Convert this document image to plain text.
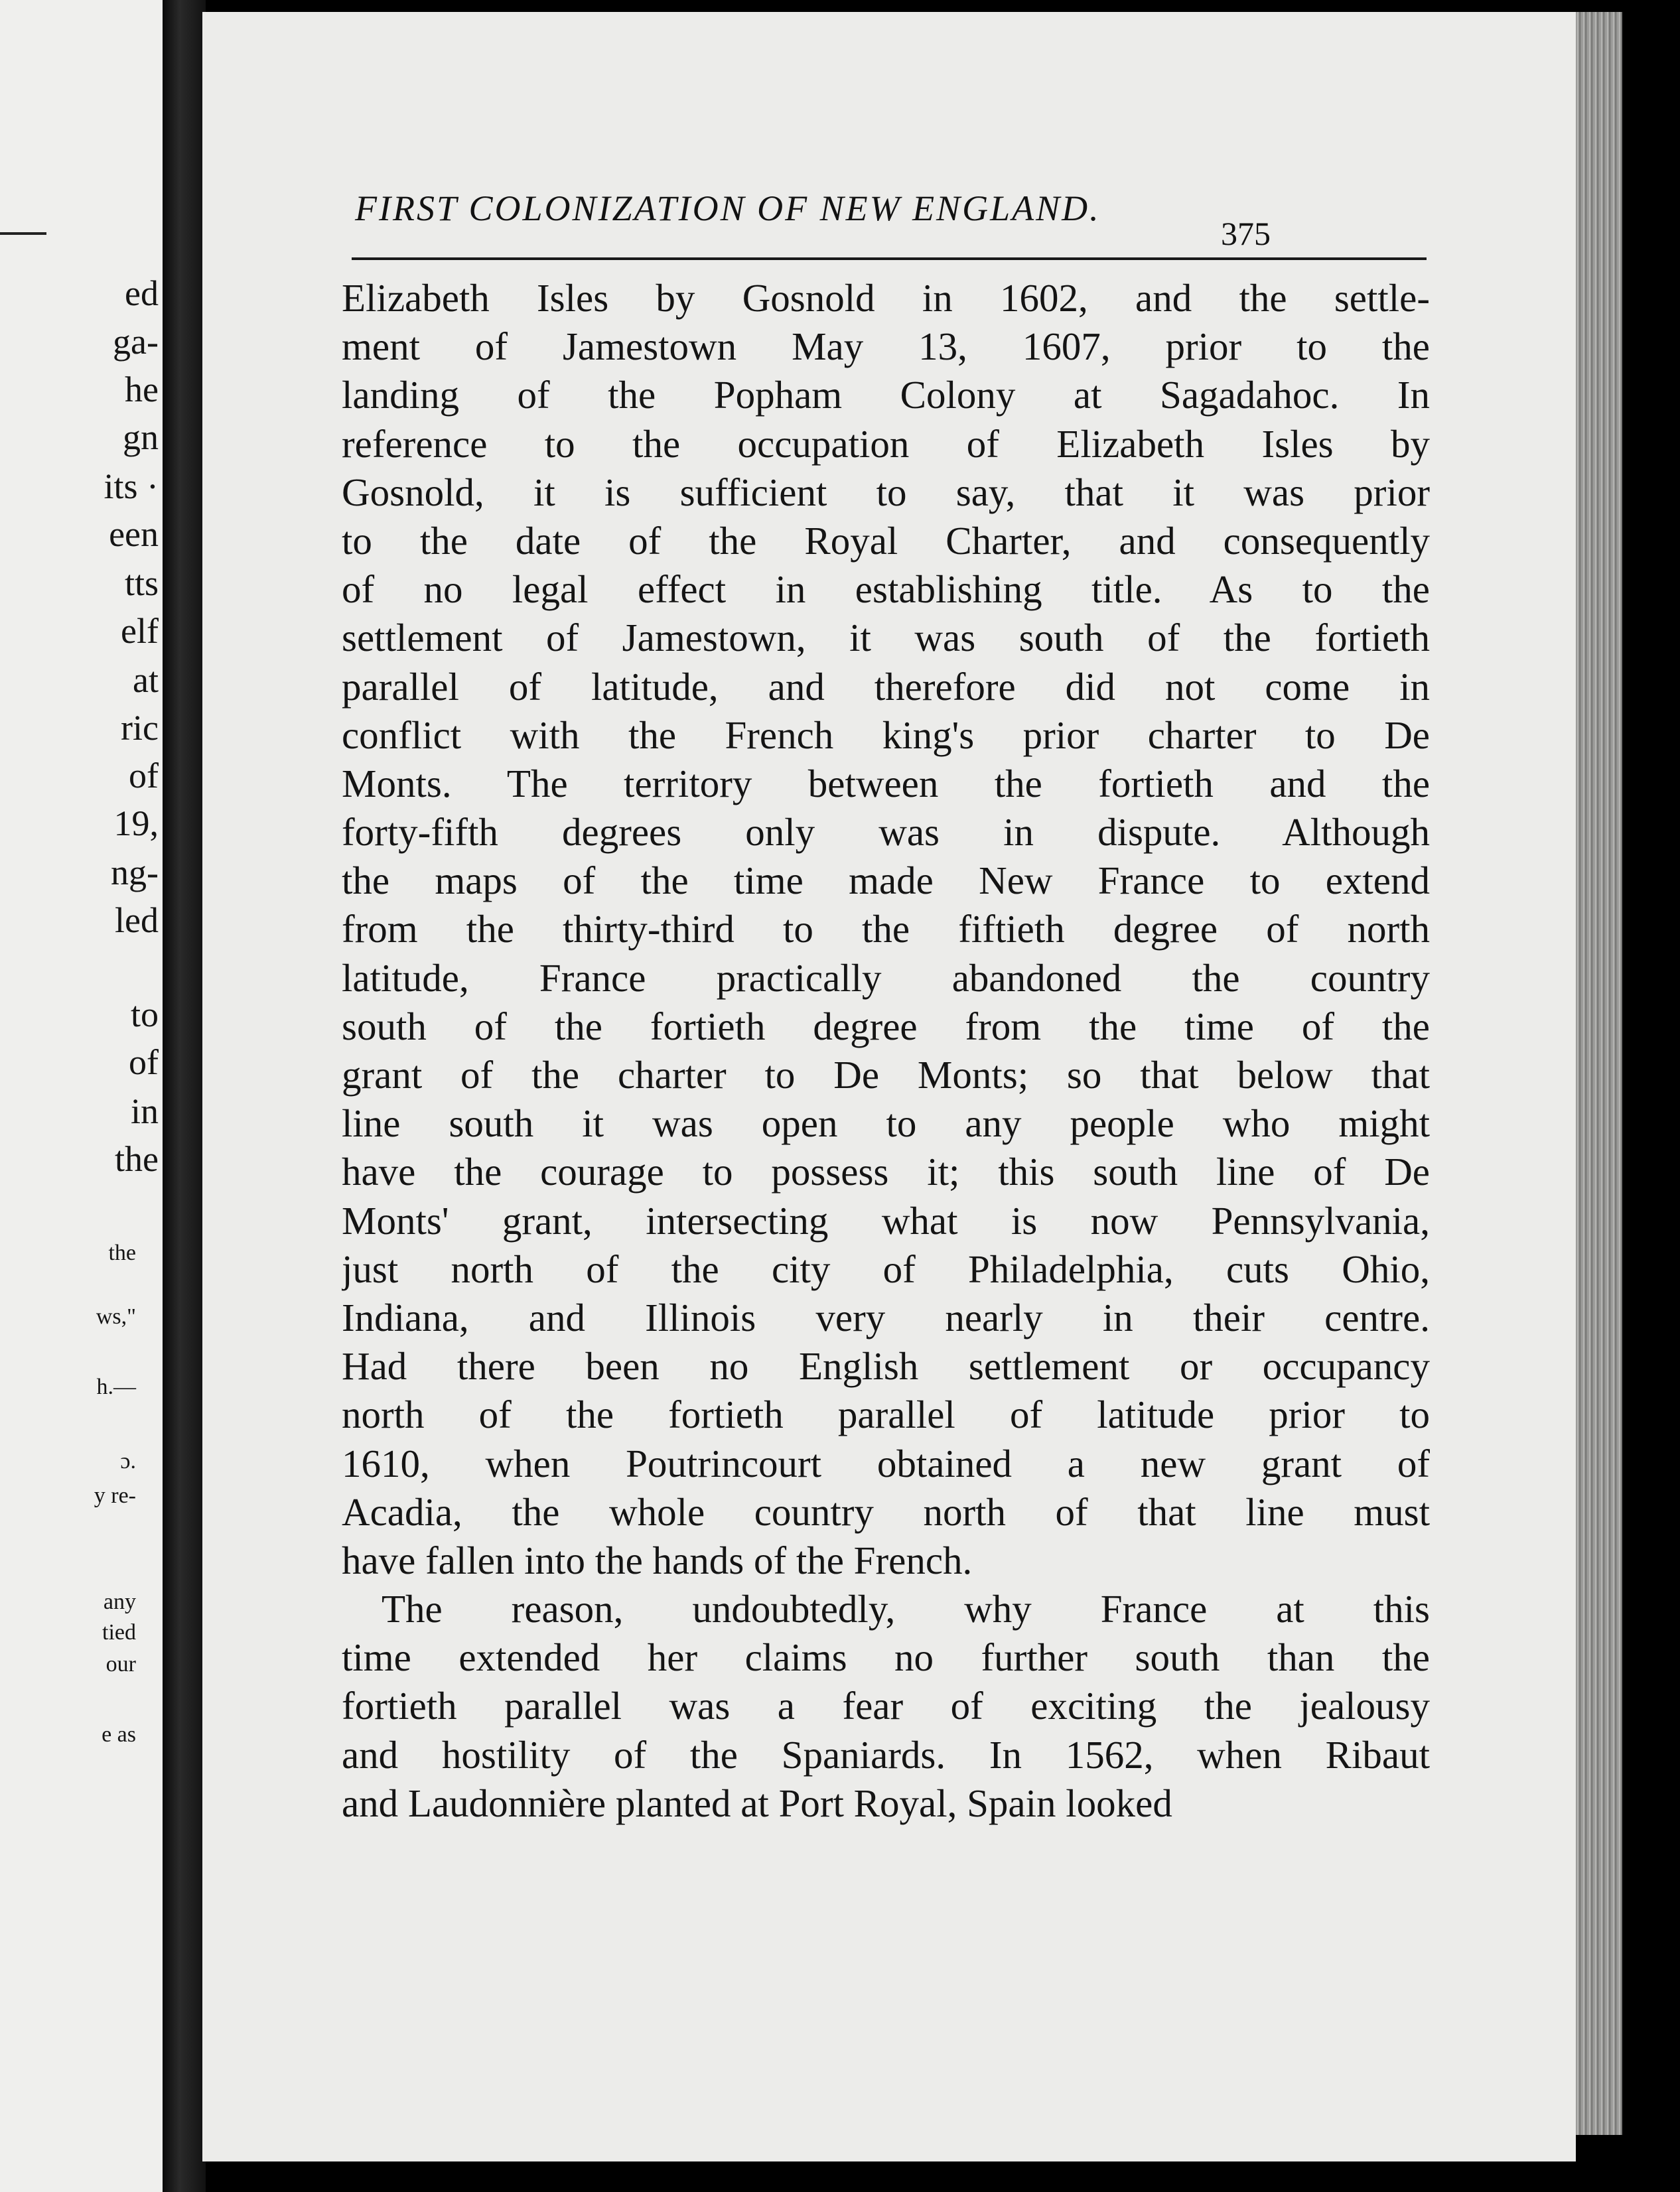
ed
ga-
he
gn
its ·
een
tts
elf
at
ric
of
19,
ng-
led
to
of
in
the
the
ws,"
h.—
ɔ.
y re-
any
tied
our
e as
FIRST COLONIZATION OF NEW ENGLAND.
375
Elizabeth Isles by Gosnold in 1602, and the settle-
ment of Jamestown May 13, 1607, prior to the
landing of the Popham Colony at Sagadahoc. In
reference to the occupation of Elizabeth Isles by
Gosnold, it is sufficient to say, that it was prior
to the date of the Royal Charter, and consequently
of no legal effect in establishing title. As to the
settlement of Jamestown, it was south of the fortieth
parallel of latitude, and therefore did not come in
conflict with the French king's prior charter to De
Monts. The territory between the fortieth and the
forty-fifth degrees only was in dispute. Although
the maps of the time made New France to extend
from the thirty-third to the fiftieth degree of north
latitude, France practically abandoned the country
south of the fortieth degree from the time of the
grant of the charter to De Monts; so that below that
line south it was open to any people who might
have the courage to possess it; this south line of De
Monts' grant, intersecting what is now Pennsylvania,
just north of the city of Philadelphia, cuts Ohio,
Indiana, and Illinois very nearly in their centre.
Had there been no English settlement or occupancy
north of the fortieth parallel of latitude prior to
1610, when Poutrincourt obtained a new grant of
Acadia, the whole country north of that line must
have fallen into the hands of the French.
The reason, undoubtedly, why France at this
time extended her claims no further south than the
fortieth parallel was a fear of exciting the jealousy
and hostility of the Spaniards. In 1562, when Ribaut
and Laudonnière planted at Port Royal, Spain looked
